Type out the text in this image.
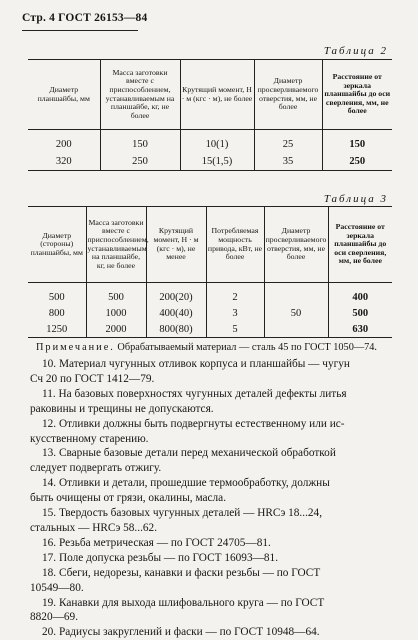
Стр. 4 ГОСТ 26153—84
Таблица 2
Диаметр планшайбы, мм	Масса заготовки вместе с приспособлением, устанавливаемым на планшайбе, кг, не более	Крутящий момент, Н · м (кгс · м), не более	Диаметр просверливаемого отверстия, мм, не более	Расстояние от зеркала планшайбы до оси сверления, мм, не более
200	150	10(1)	25	150
320	250	15(1,5)	35	250
Таблица 3
Диаметр (стороны) планшайбы, мм	Масса заготовки вместе с приспособлением, устанавливаемым на планшайбе, кг, не более	Крутящий момент, Н · м (кгс · м), не менее	Потребляемая мощность привода, кВт, не более	Диаметр просверливаемого отверстия, мм, не более	Расстояние от зеркала планшайбы до оси сверления, мм, не более
500	500	200(20)	2	50	400
800	1000	400(40)	3		500
1250	2000	800(80)	5		630
Примечание. Обрабатываемый материал — сталь 45 по ГОСТ 1050—74.

10. Материал чугунных отливок корпуса и планшайбы — чугун

Сч 20 по ГОСТ 1412—79.

11. На базовых поверхностях чугунных деталей дефекты литья

раковины и трещины не допускаются.

12. Отливки должны быть подвергнуты естественному или ис-

кусственному старению.

13. Сварные базовые детали перед механической обработкой

следует подвергать отжигу.

14. Отливки и детали, прошедшие термообработку, должны

быть очищены от грязи, окалины, масла.

15. Твердость базовых чугунных деталей — HRCэ 18...24,

стальных — HRCэ 58...62.

16. Резьба метрическая — по ГОСТ 24705—81.

17. Поле допуска резьбы — по ГОСТ 16093—81.

18. Сбеги, недорезы, канавки и фаски резьбы — по ГОСТ

10549—80.

19. Канавки для выхода шлифовального круга — по ГОСТ

8820—69.

20. Радиусы закруглений и фаски — по ГОСТ 10948—64.
